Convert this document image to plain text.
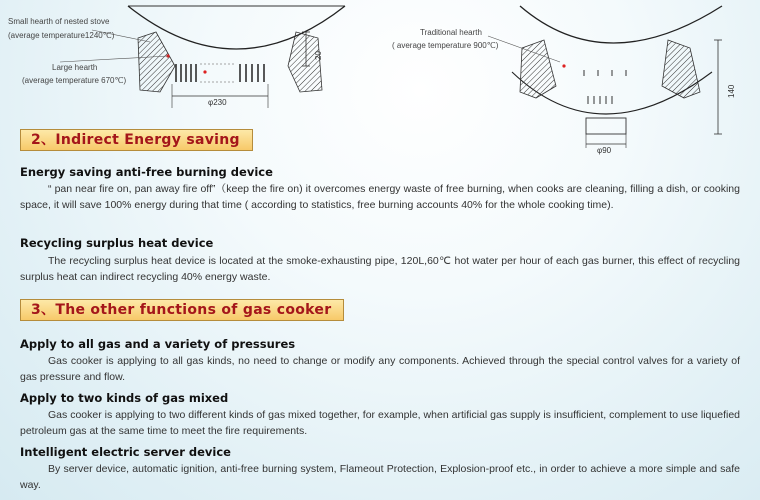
Small hearth of nested stove
(average temperature1240℃)
Large hearth
(average temperature 670℃)
20
φ230
Traditional hearth
( average temperature 900℃)
140
φ90
2、Indirect Energy saving
Energy saving anti-free burning device
“ pan near fire on, pan away fire off”（keep the fire on) it overcomes energy waste of free burning, when cooks are cleaning, filling a dish, or cooking space, it will save 100% energy during that time ( according to statistics, free burning accounts 40% for the whole cooking time).
Recycling surplus heat device
The recycling surplus heat device is located at the smoke-exhausting pipe, 120L,60℃ hot water per hour of each gas burner, this effect of recycling surplus heat can indirect recycling 40% energy waste.
3、The other functions of gas cooker
Apply to all gas and a variety of pressures
Gas cooker is applying to all gas kinds, no need to change or modify any components. Achieved through the special control valves for a variety of gas pressure and flow.
Apply to two kinds of gas mixed
Gas cooker is applying to two different kinds of gas mixed together, for example, when artificial gas supply is insufficient, complement to use liquefied petroleum gas at the same time to meet the fire requirements.
Intelligent electric server device
By server device, automatic ignition, anti-free burning system, Flameout Protection, Explosion-proof etc., in order to achieve a more simple and safe way.
